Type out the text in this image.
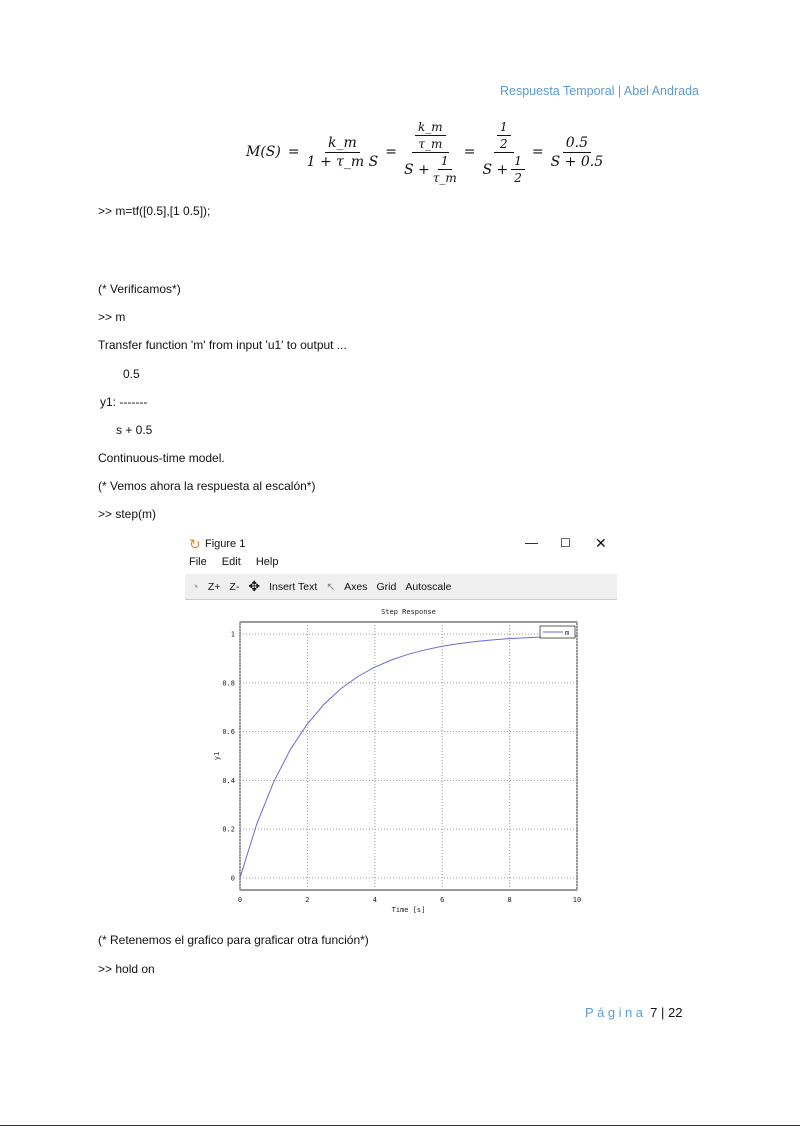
Respuesta Temporal | Abel Andrada
$M(S) = \frac{k\_m}{\text{1 + τ\_m S}} = \frac{\frac{k\_m}{\tau\_m}}{S + \frac{1}{\tau\_m}} = \frac{\frac{1}{2}}{S + \frac{1}{2}} = \frac{0.5}{S + 0.5}$
>> m=tf([0.5],[1 0.5]);
(* Verificamos*)
>> m
Transfer function 'm' from input 'u1' to output ...
0.5
y1: -------
s + 0.5
Continuous-time model.
(* Vemos ahora la respuesta al escalón*)
>> step(m)
↻ Figure 1	— ☐ ✕
File Edit Help
◔ Z+ Z- ✥ Insert Text ↖ Axes Grid Autoscale
0	2	4	6	8	10
0
0.2
0.4
0.6
0.8
1
Step Response
Time [s]
y1
m
(* Retenemos el grafico para graficar otra función*)
>> hold on
Página 7 | 22
